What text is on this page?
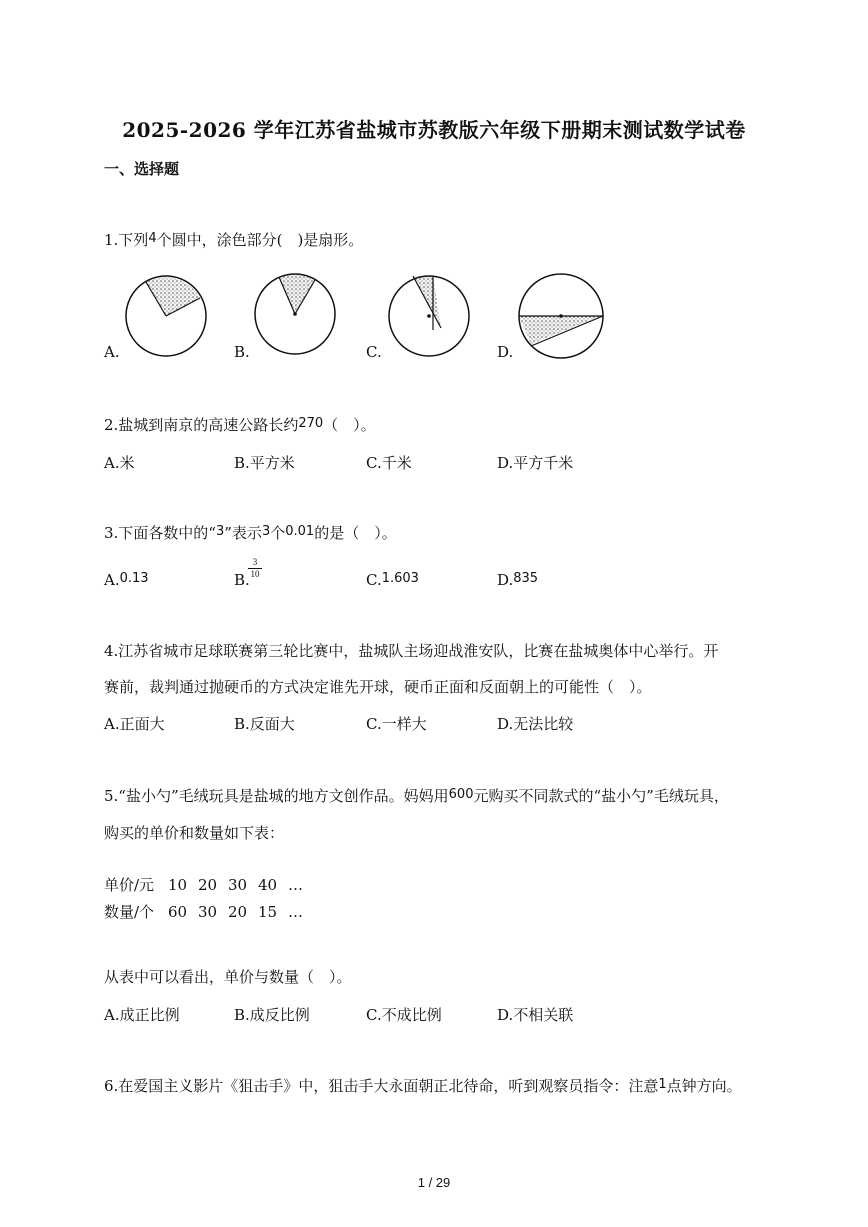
2025-2026 学年江苏省盐城市苏教版六年级下册期末测试数学试卷
一、选择题
1.下列4个圆中，涂色部分(　)是扇形。
A.	B.	C.	D.
2.盐城到南京的高速公路长约270（　）。
A.米	B.平方米	C.千米	D.平方千米
3.下面各数中的“3”表示3个0.01的是（　）。
A.0.13	B.
$\frac{3}{10}$	C.1.603	D.835
4.江苏省城市足球联赛第三轮比赛中，盐城队主场迎战淮安队，比赛在盐城奥体中心举行。开
赛前，裁判通过抛硬币的方式决定谁先开球，硬币正面和反面朝上的可能性（　）。
A.正面大	B.反面大	C.一样大	D.无法比较
5.“盐小勺”毛绒玩具是盐城的地方文创作品。妈妈用600元购买不同款式的“盐小勺”毛绒玩具，
购买的单价和数量如下表：
单价/元 10 20 30 40 …
数量/个 60 30 20 15 …
从表中可以看出，单价与数量（　）。
A.成正比例	B.成反比例	C.不成比例	D.不相关联
6.在爱国主义影片《狙击手》中，狙击手大永面朝正北待命，听到观察员指令：注意1点钟方向。
1 / 29
